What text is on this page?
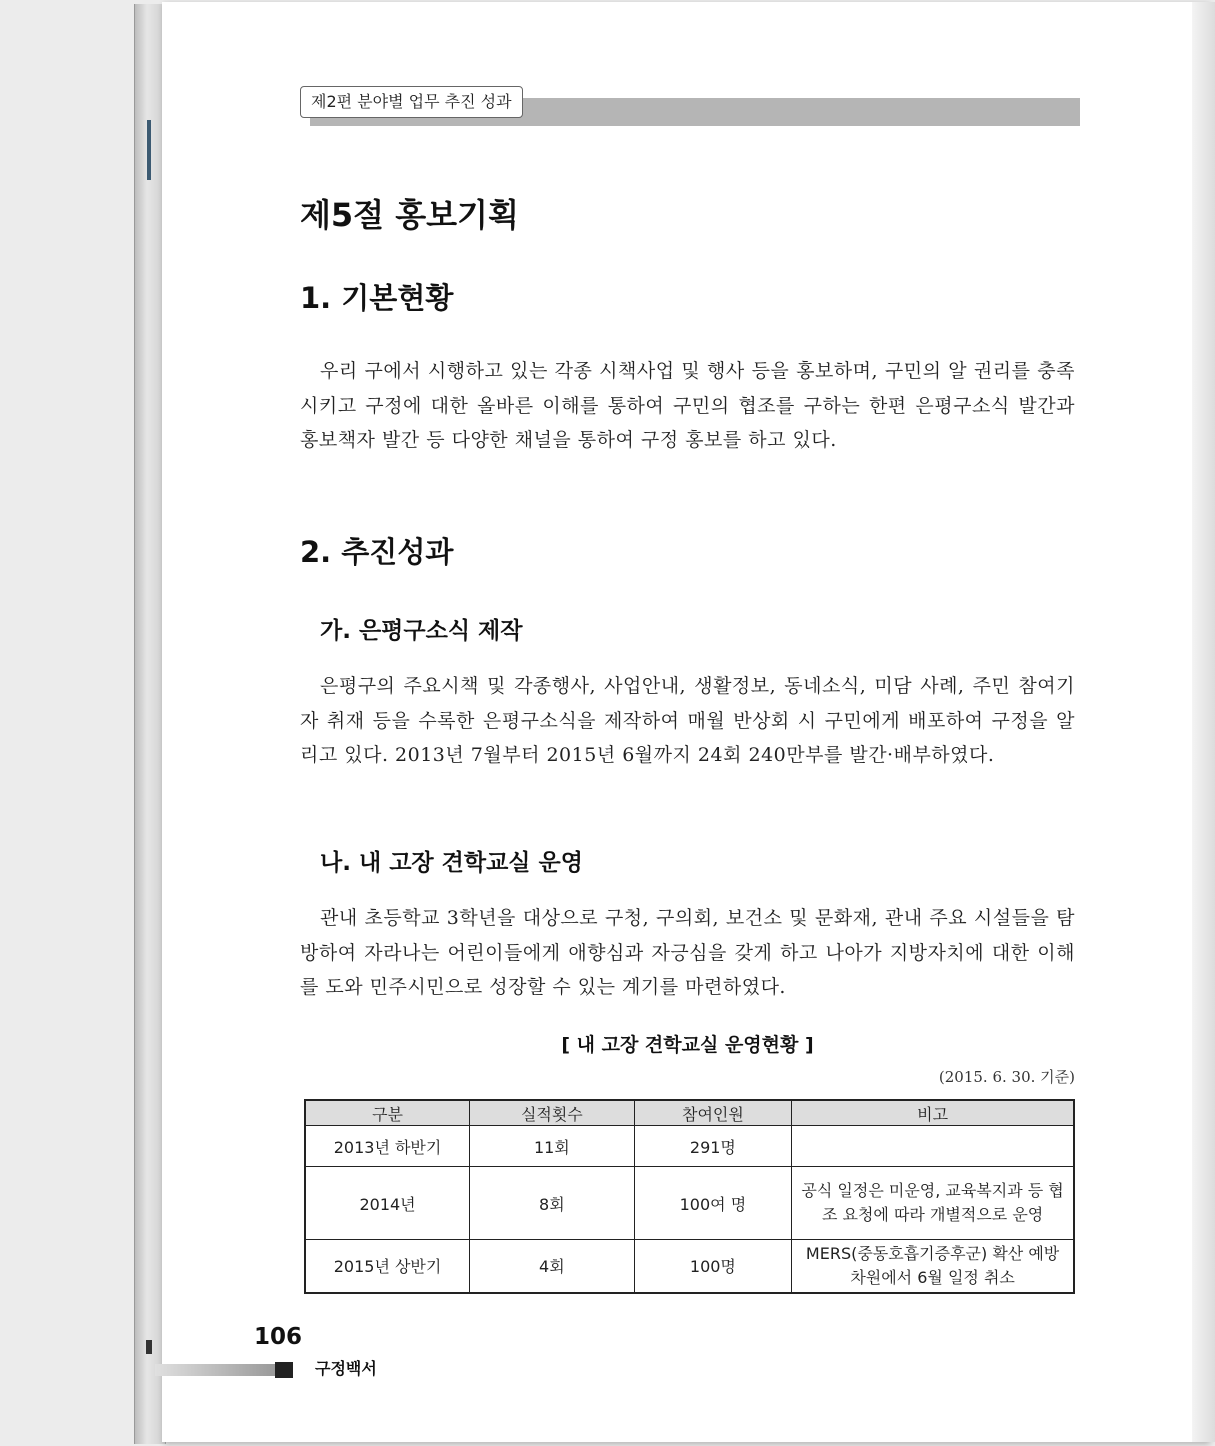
제2편 분야별 업무 추진 성과
제5절 홍보기획
1. 기본현황

우리 구에서 시행하고 있는 각종 시책사업 및 행사 등을 홍보하며, 구민의 알 권리를 충족시키고 구정에 대한 올바른 이해를 통하여 구민의 협조를 구하는 한편 은평구소식 발간과 홍보책자 발간 등 다양한 채널을 통하여 구정 홍보를 하고 있다.

2. 추진성과
가. 은평구소식 제작

은평구의 주요시책 및 각종행사, 사업안내, 생활정보, 동네소식, 미담 사례, 주민 참여기자 취재 등을 수록한 은평구소식을 제작하여 매월 반상회 시 구민에게 배포하여 구정을 알리고 있다. 2013년 7월부터 2015년 6월까지 24회 240만부를 발간·배부하였다.

나. 내 고장 견학교실 운영

관내 초등학교 3학년을 대상으로 구청, 구의회, 보건소 및 문화재, 관내 주요 시설들을 탐방하여 자라나는 어린이들에게 애향심과 자긍심을 갖게 하고 나아가 지방자치에 대한 이해를 도와 민주시민으로 성장할 수 있는 계기를 마련하였다.

[ 내 고장 견학교실 운영현황 ]
(2015. 6. 30. 기준)
구분	실적횟수	참여인원	비고
2013년 하반기	11회	291명	
2014년	8회	100여 명	공식 일정은 미운영, 교육복지과 등 협조 요청에 따라 개별적으로 운영
2015년 상반기	4회	100명	MERS(중동호흡기증후군) 확산 예방 차원에서 6월 일정 취소
106
구정백서
